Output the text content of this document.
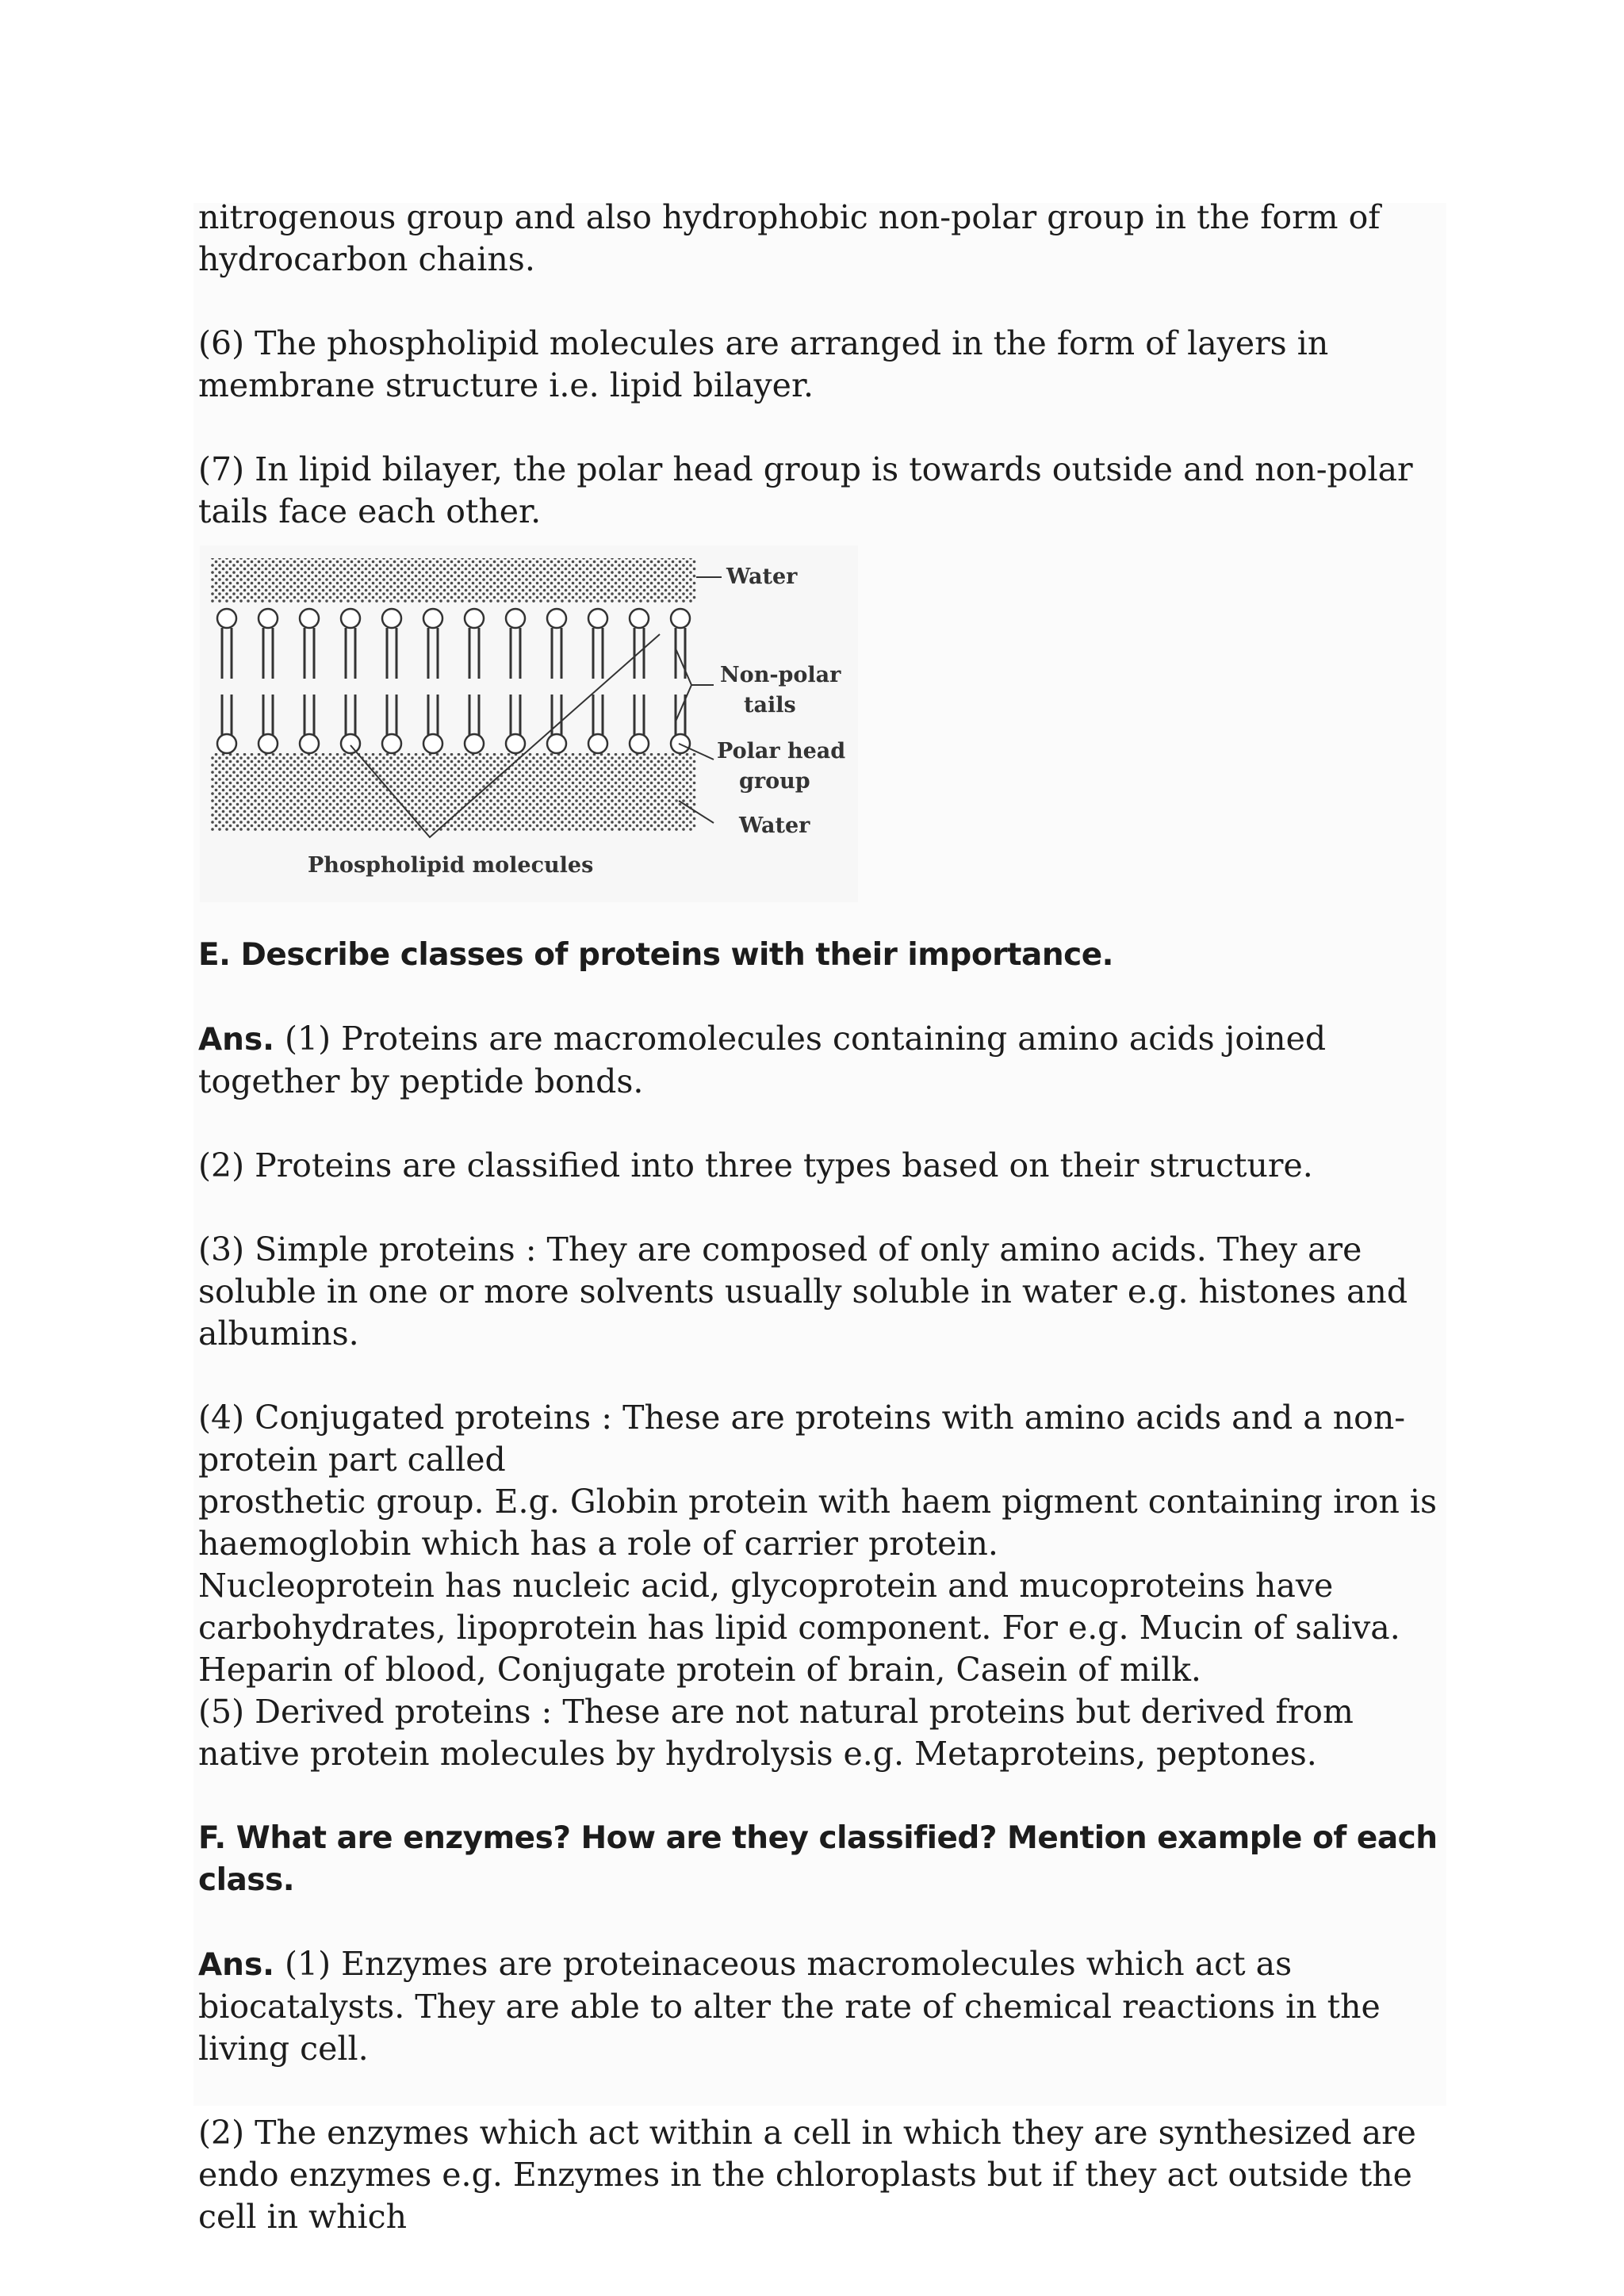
nitrogenous group and also hydrophobic non-polar group in the form of hydrocarbon chains.

(6) The phospholipid molecules are arranged in the form of layers in membrane structure i.e. lipid bilayer.

(7) In lipid bilayer, the polar head group is towards outside and non-polar tails face each other.

Water
Non-polar
tails
Polar head
group
Water
Phospholipid molecules
E. Describe classes of proteins with their importance.

Ans. (1) Proteins are macromolecules containing amino acids joined together by peptide bonds.

(2) Proteins are classified into three types based on their structure.

(3) Simple proteins : They are composed of only amino acids. They are soluble in one or more solvents usually soluble in water e.g. histones and albumins.

(4) Conjugated proteins : These are proteins with amino acids and a non-protein part called

prosthetic group. E.g. Globin protein with haem pigment containing iron is haemoglobin which has a role of carrier protein.

Nucleoprotein has nucleic acid, glycoprotein and mucoproteins have carbohydrates, lipoprotein has lipid component. For e.g. Mucin of saliva. Heparin of blood, Conjugate protein of brain, Casein of milk.

(5) Derived proteins : These are not natural proteins but derived from native protein molecules by hydrolysis e.g. Metaproteins, peptones.

F. What are enzymes? How are they classified? Mention example of each class.

Ans. (1) Enzymes are proteinaceous macromolecules which act as biocatalysts. They are able to alter the rate of chemical reactions in the living cell.

(2) The enzymes which act within a cell in which they are synthesized are endo enzymes e.g. Enzymes in the chloroplasts but if they act outside the cell in which
